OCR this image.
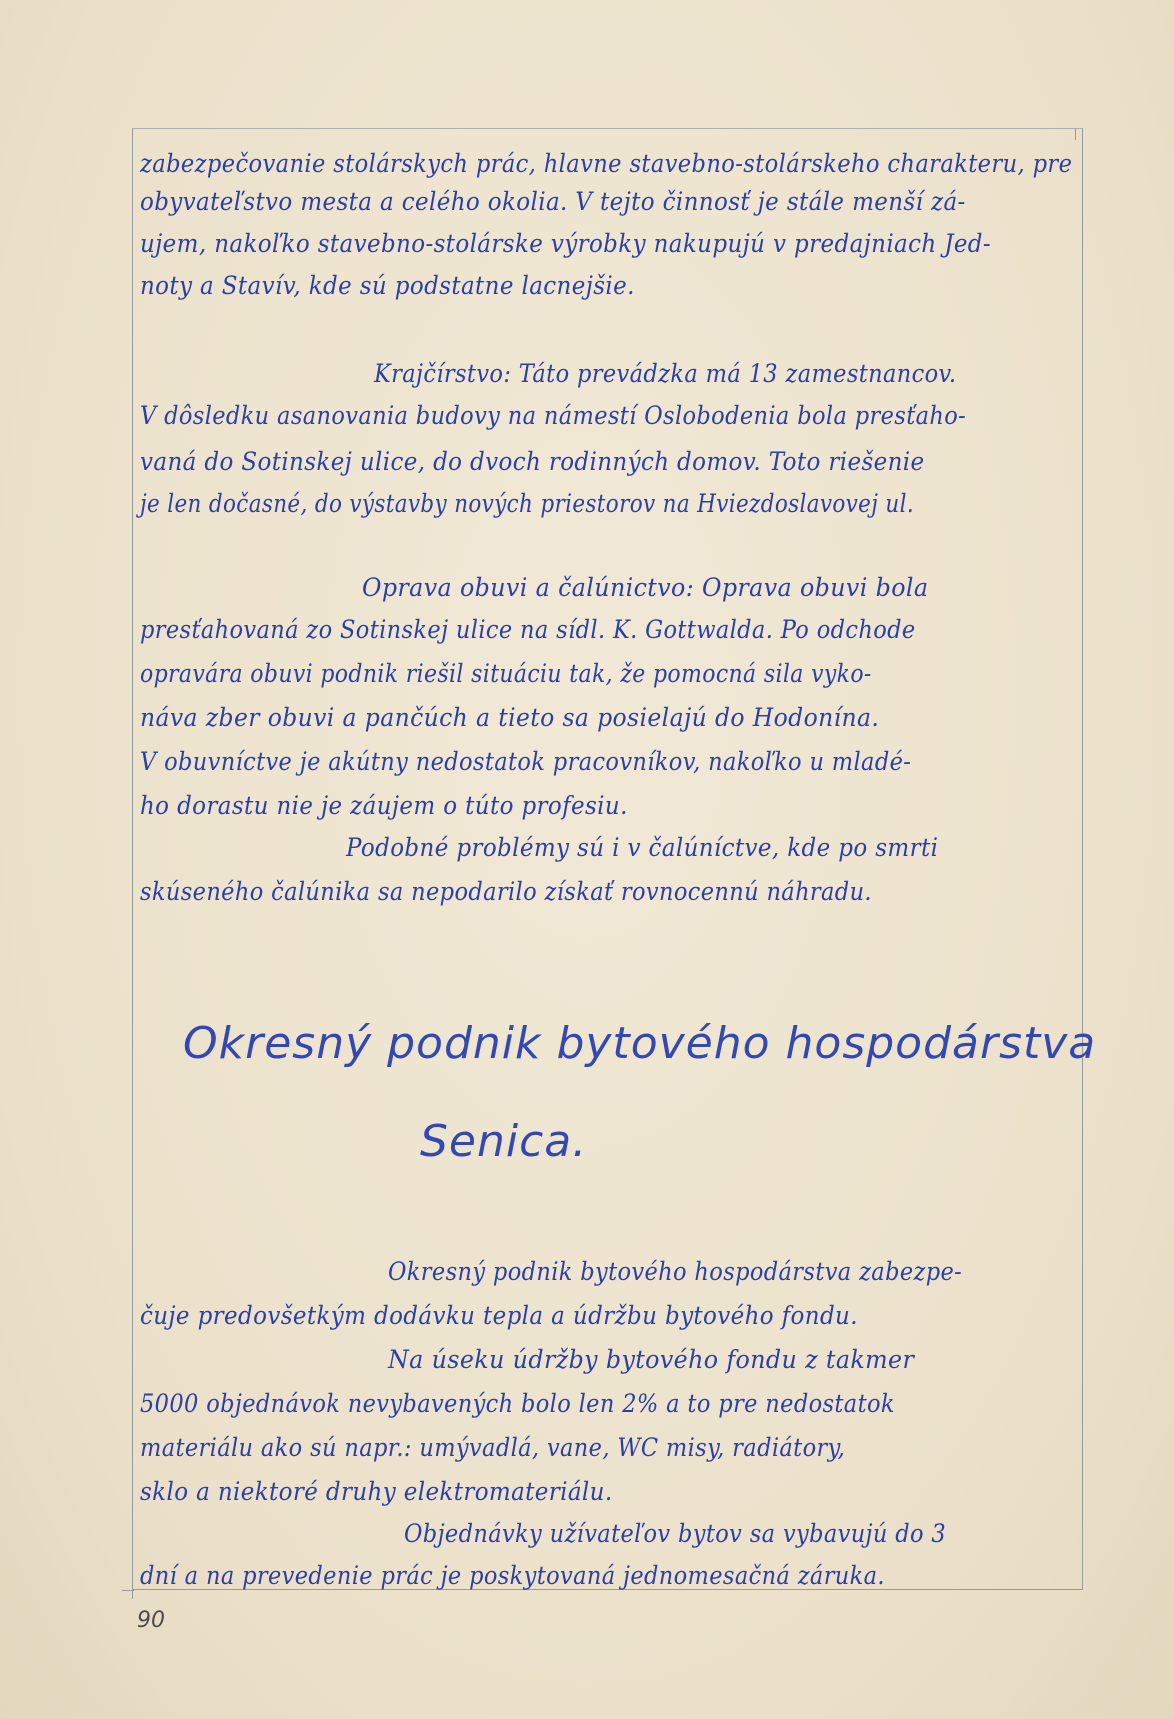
zabezpečovanie stolárskych prác, hlavne stavebno-stolárskeho charakteru, pre
obyvateľstvo mesta a celého okolia. V tejto činnosť je stále menší zá-
ujem, nakoľko stavebno-stolárske výrobky nakupujú v predajniach Jed-
noty a Stavív, kde sú podstatne lacnejšie.
Krajčírstvo: Táto prevádzka má 13 zamestnancov.
V dôsledku asanovania budovy na námestí Oslobodenia bola presťaho-
vaná do Sotinskej ulice, do dvoch rodinných domov. Toto riešenie
je len dočasné, do výstavby nových priestorov na Hviezdoslavovej ul.
Oprava obuvi a čalúnictvo: Oprava obuvi bola
presťahovaná zo Sotinskej ulice na sídl. K. Gottwalda. Po odchode
opravára obuvi podnik riešil situáciu tak, že pomocná sila vyko-
náva zber obuvi a pančúch a tieto sa posielajú do Hodonína.
V obuvníctve je akútny nedostatok pracovníkov, nakoľko u mladé-
ho dorastu nie je záujem o túto profesiu.
Podobné problémy sú i v čalúníctve, kde po smrti
skúseného čalúnika sa nepodarilo získať rovnocennú náhradu.
Okresný podnik bytového hospodárstva
Senica.
Okresný podnik bytového hospodárstva zabezpe-
čuje predovšetkým dodávku tepla a údržbu bytového fondu.
Na úseku údržby bytového fondu z takmer
5000 objednávok nevybavených bolo len 2% a to pre nedostatok
materiálu ako sú napr.: umývadlá, vane, WC misy, radiátory,
sklo a niektoré druhy elektromateriálu.
Objednávky užívateľov bytov sa vybavujú do 3
dní a na prevedenie prác je poskytovaná jednomesačná záruka.
90
